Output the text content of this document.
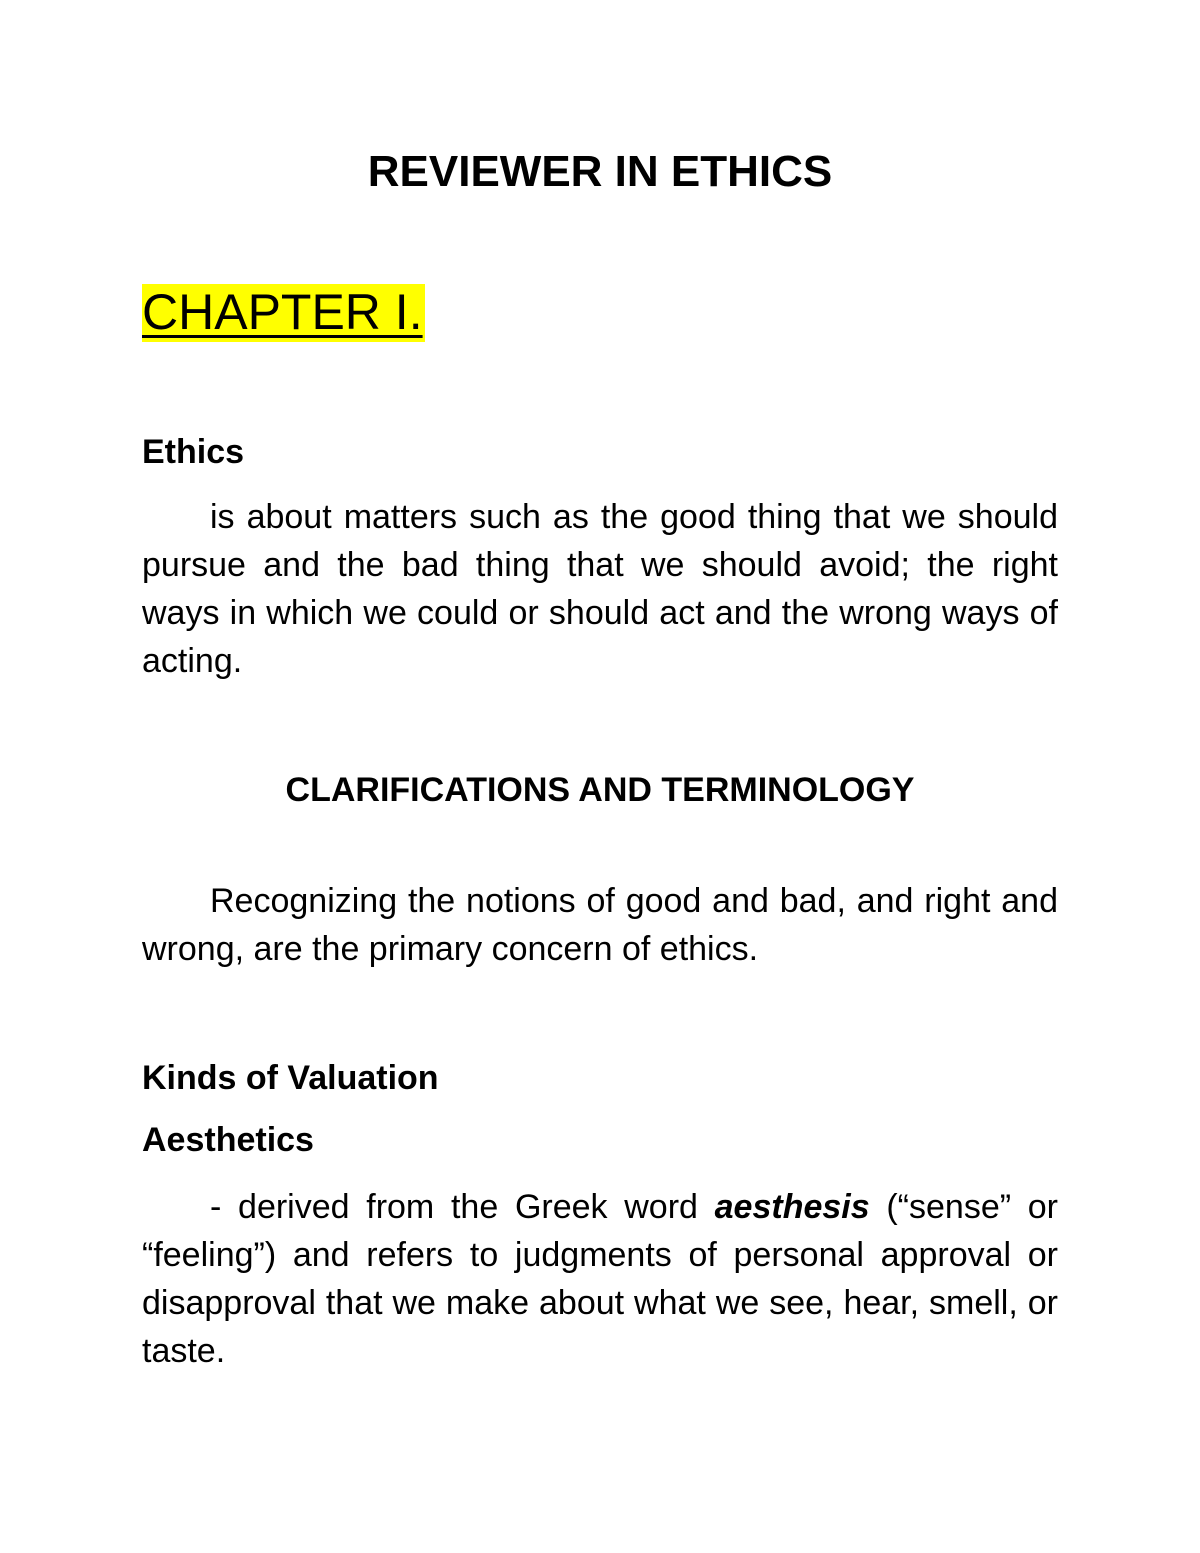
REVIEWER IN ETHICS
CHAPTER I.
Ethics

is about matters such as the good thing that we should pursue and the bad thing that we should avoid; the right ways in which we could or should act and the wrong ways of acting.

CLARIFICATIONS AND TERMINOLOGY

Recognizing the notions of good and bad, and right and wrong, are the primary concern of ethics.

Kinds of Valuation
Aesthetics

- derived from the Greek word aesthesis (“sense” or “feeling”) and refers to judgments of personal approval or disapproval that we make about what we see, hear, smell, or taste.
